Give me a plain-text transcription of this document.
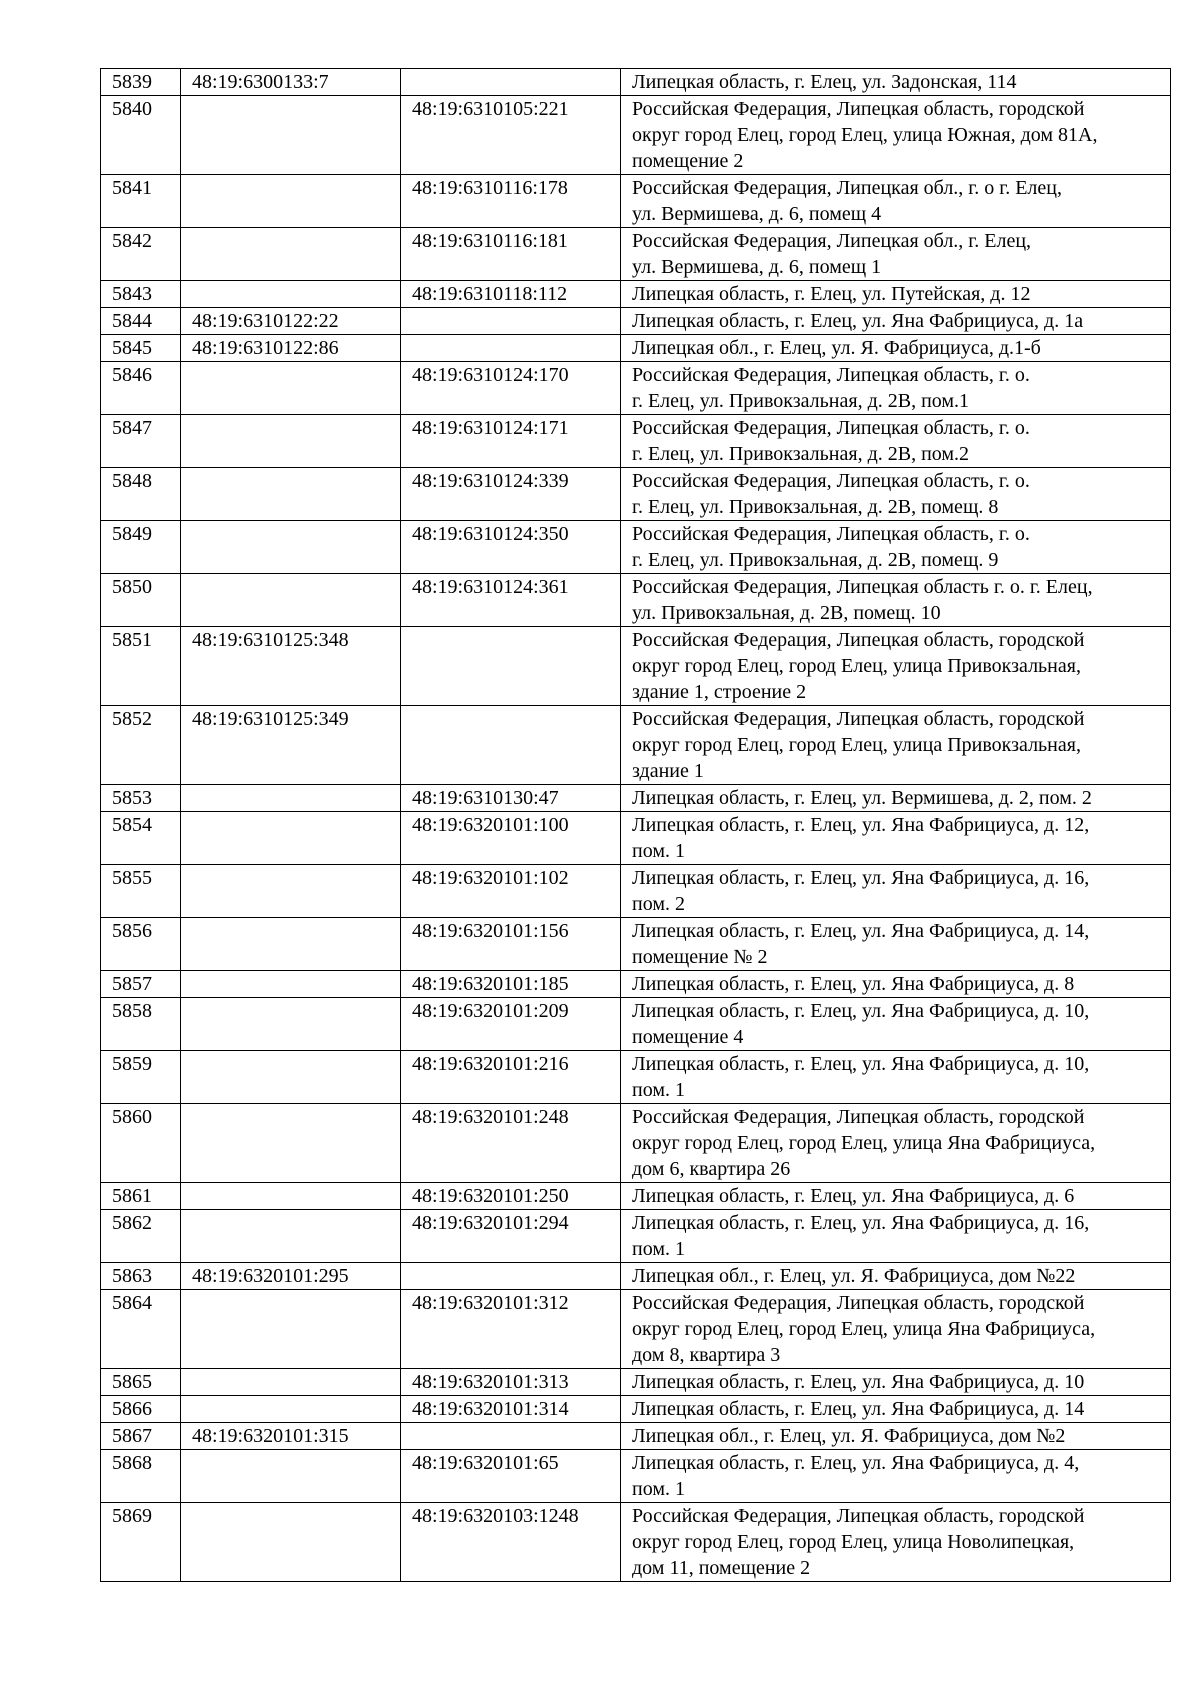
5839	48:19:6300133:7		Липецкая область, г. Елец, ул. Задонская, 114
5840		48:19:6310105:221	Российская Федерация, Липецкая область, городской
округ город Елец, город Елец, улица Южная, дом 81А,
помещение 2
5841		48:19:6310116:178	Российская Федерация, Липецкая обл., г. о г. Елец,
ул. Вермишева, д. 6, помещ 4
5842		48:19:6310116:181	Российская Федерация, Липецкая обл., г. Елец,
ул. Вермишева, д. 6, помещ 1
5843		48:19:6310118:112	Липецкая область, г. Елец, ул. Путейская, д. 12
5844	48:19:6310122:22		Липецкая область, г. Елец, ул. Яна Фабрициуса, д. 1а
5845	48:19:6310122:86		Липецкая обл., г. Елец, ул. Я. Фабрициуса, д.1-б
5846		48:19:6310124:170	Российская Федерация, Липецкая область, г. о.
г. Елец, ул. Привокзальная, д. 2В, пом.1
5847		48:19:6310124:171	Российская Федерация, Липецкая область, г. о.
г. Елец, ул. Привокзальная, д. 2В, пом.2
5848		48:19:6310124:339	Российская Федерация, Липецкая область, г. о.
г. Елец, ул. Привокзальная, д. 2В, помещ. 8
5849		48:19:6310124:350	Российская Федерация, Липецкая область, г. о.
г. Елец, ул. Привокзальная, д. 2В, помещ. 9
5850		48:19:6310124:361	Российская Федерация, Липецкая область г. о. г. Елец,
ул. Привокзальная, д. 2В, помещ. 10
5851	48:19:6310125:348		Российская Федерация, Липецкая область, городской
округ город Елец, город Елец, улица Привокзальная,
здание 1, строение 2
5852	48:19:6310125:349		Российская Федерация, Липецкая область, городской
округ город Елец, город Елец, улица Привокзальная,
здание 1
5853		48:19:6310130:47	Липецкая область, г. Елец, ул. Вермишева, д. 2, пом. 2
5854		48:19:6320101:100	Липецкая область, г. Елец, ул. Яна Фабрициуса, д. 12,
пом. 1
5855		48:19:6320101:102	Липецкая область, г. Елец, ул. Яна Фабрициуса, д. 16,
пом. 2
5856		48:19:6320101:156	Липецкая область, г. Елец, ул. Яна Фабрициуса, д. 14,
помещение № 2
5857		48:19:6320101:185	Липецкая область, г. Елец, ул. Яна Фабрициуса, д. 8
5858		48:19:6320101:209	Липецкая область, г. Елец, ул. Яна Фабрициуса, д. 10,
помещение 4
5859		48:19:6320101:216	Липецкая область, г. Елец, ул. Яна Фабрициуса, д. 10,
пом. 1
5860		48:19:6320101:248	Российская Федерация, Липецкая область, городской
округ город Елец, город Елец, улица Яна Фабрициуса,
дом 6, квартира 26
5861		48:19:6320101:250	Липецкая область, г. Елец, ул. Яна Фабрициуса, д. 6
5862		48:19:6320101:294	Липецкая область, г. Елец, ул. Яна Фабрициуса, д. 16,
пом. 1
5863	48:19:6320101:295		Липецкая обл., г. Елец, ул. Я. Фабрициуса, дом №22
5864		48:19:6320101:312	Российская Федерация, Липецкая область, городской
округ город Елец, город Елец, улица Яна Фабрициуса,
дом 8, квартира 3
5865		48:19:6320101:313	Липецкая область, г. Елец, ул. Яна Фабрициуса, д. 10
5866		48:19:6320101:314	Липецкая область, г. Елец, ул. Яна Фабрициуса, д. 14
5867	48:19:6320101:315		Липецкая обл., г. Елец, ул. Я. Фабрициуса, дом №2
5868		48:19:6320101:65	Липецкая область, г. Елец, ул. Яна Фабрициуса, д. 4,
пом. 1
5869		48:19:6320103:1248	Российская Федерация, Липецкая область, городской
округ город Елец, город Елец, улица Новолипецкая,
дом 11, помещение 2
